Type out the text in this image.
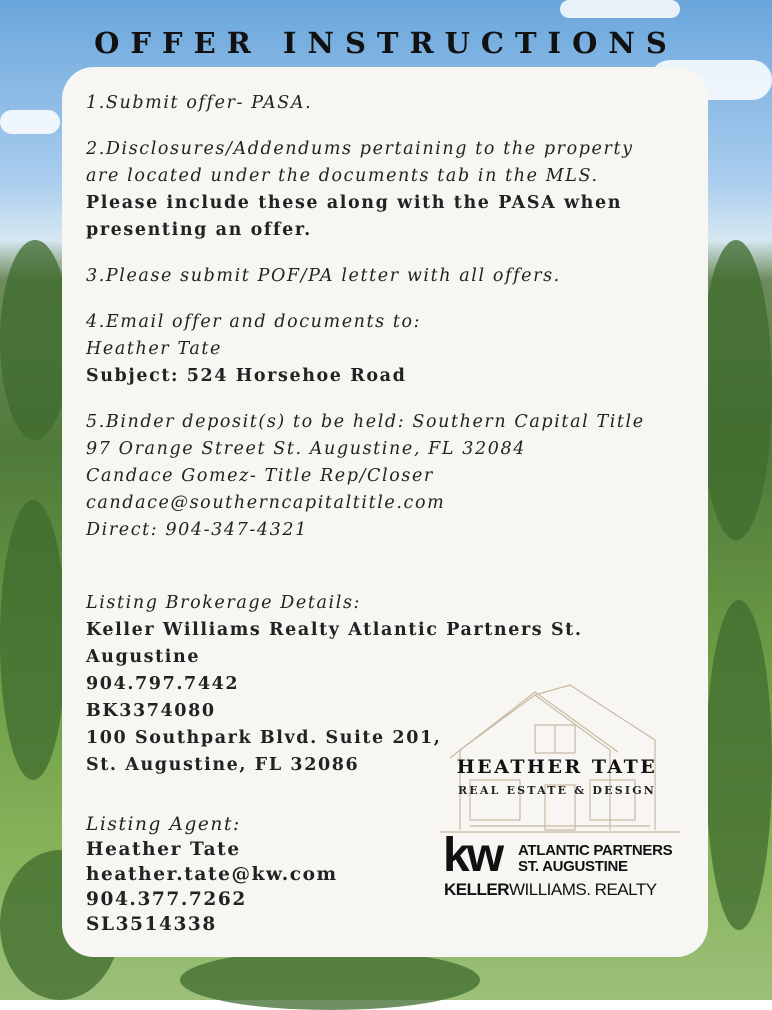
OFFER INSTRUCTIONS
1.Submit offer- PASA.
2.Disclosures/Addendums pertaining to the property
are located under the documents tab in the MLS.
Please include these along with the PASA when
presenting an offer.
3.Please submit POF/PA letter with all offers.
4.Email offer and documents to:
Heather Tate
Subject: 524 Horsehoe Road
5.Binder deposit(s) to be held: Southern Capital Title
97 Orange Street St. Augustine, FL 32084
Candace Gomez- Title Rep/Closer
candace@southerncapitaltitle.com
Direct: 904-347-4321
Listing Brokerage Details:
Keller Williams Realty Atlantic Partners St.
Augustine
904.797.7442
BK3374080
100 Southpark Blvd. Suite 201,
St. Augustine, FL 32086
Listing Agent:
Heather Tate
heather.tate@kw.com
904.377.7262
SL3514338
HEATHER TATE
REAL ESTATE & DESIGN
kw ATLANTIC PARTNERS
ST. AUGUSTINE
KELLERWILLIAMS. REALTY
